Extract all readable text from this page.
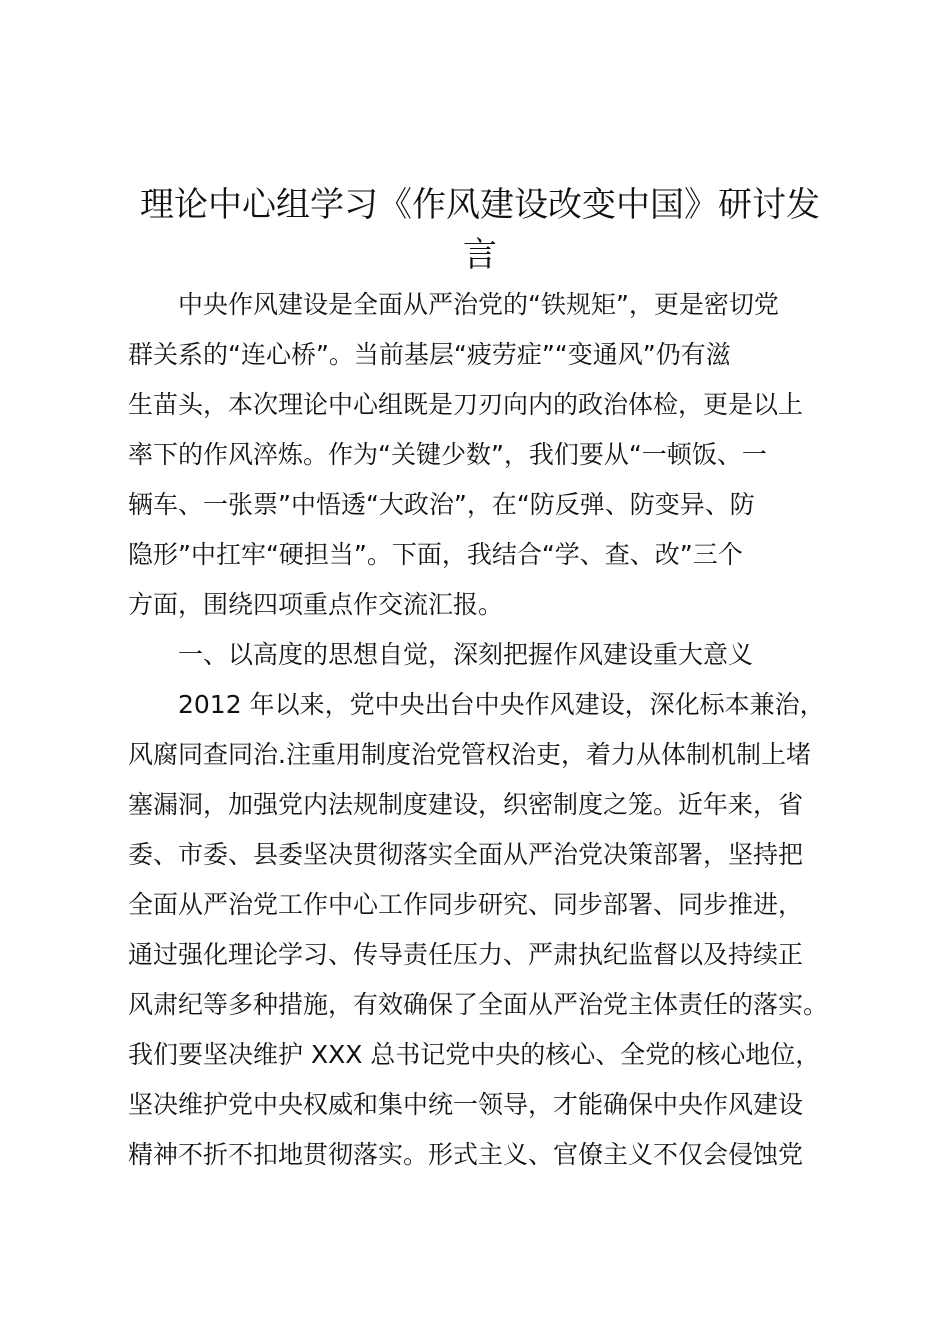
理论中心组学习《作风建设改变中国》研讨发
言
中央作风建设是全面从严治党的“铁规矩”，更是密切党
群关系的“连心桥”。当前基层“疲劳症”“变通风”仍有滋
生苗头，本次理论中心组既是刀刃向内的政治体检，更是以上
率下的作风淬炼。作为“关键少数”，我们要从“一顿饭、一
辆车、一张票”中悟透“大政治”，在“防反弹、防变异、防
隐形”中扛牢“硬担当”。下面，我结合“学、查、改”三个
方面，围绕四项重点作交流汇报。
一、以高度的思想自觉，深刻把握作风建设重大意义
2012 年以来，党中央出台中央作风建设，深化标本兼治，
风腐同查同治.注重用制度治党管权治吏，着力从体制机制上堵
塞漏洞，加强党内法规制度建设，织密制度之笼。近年来，省
委、市委、县委坚决贯彻落实全面从严治党决策部署，坚持把
全面从严治党工作中心工作同步研究、同步部署、同步推进，
通过强化理论学习、传导责任压力、严肃执纪监督以及持续正
风肃纪等多种措施，有效确保了全面从严治党主体责任的落实。
我们要坚决维护 XXX 总书记党中央的核心、全党的核心地位，
坚决维护党中央权威和集中统一领导，才能确保中央作风建设
精神不折不扣地贯彻落实。形式主义、官僚主义不仅会侵蚀党
